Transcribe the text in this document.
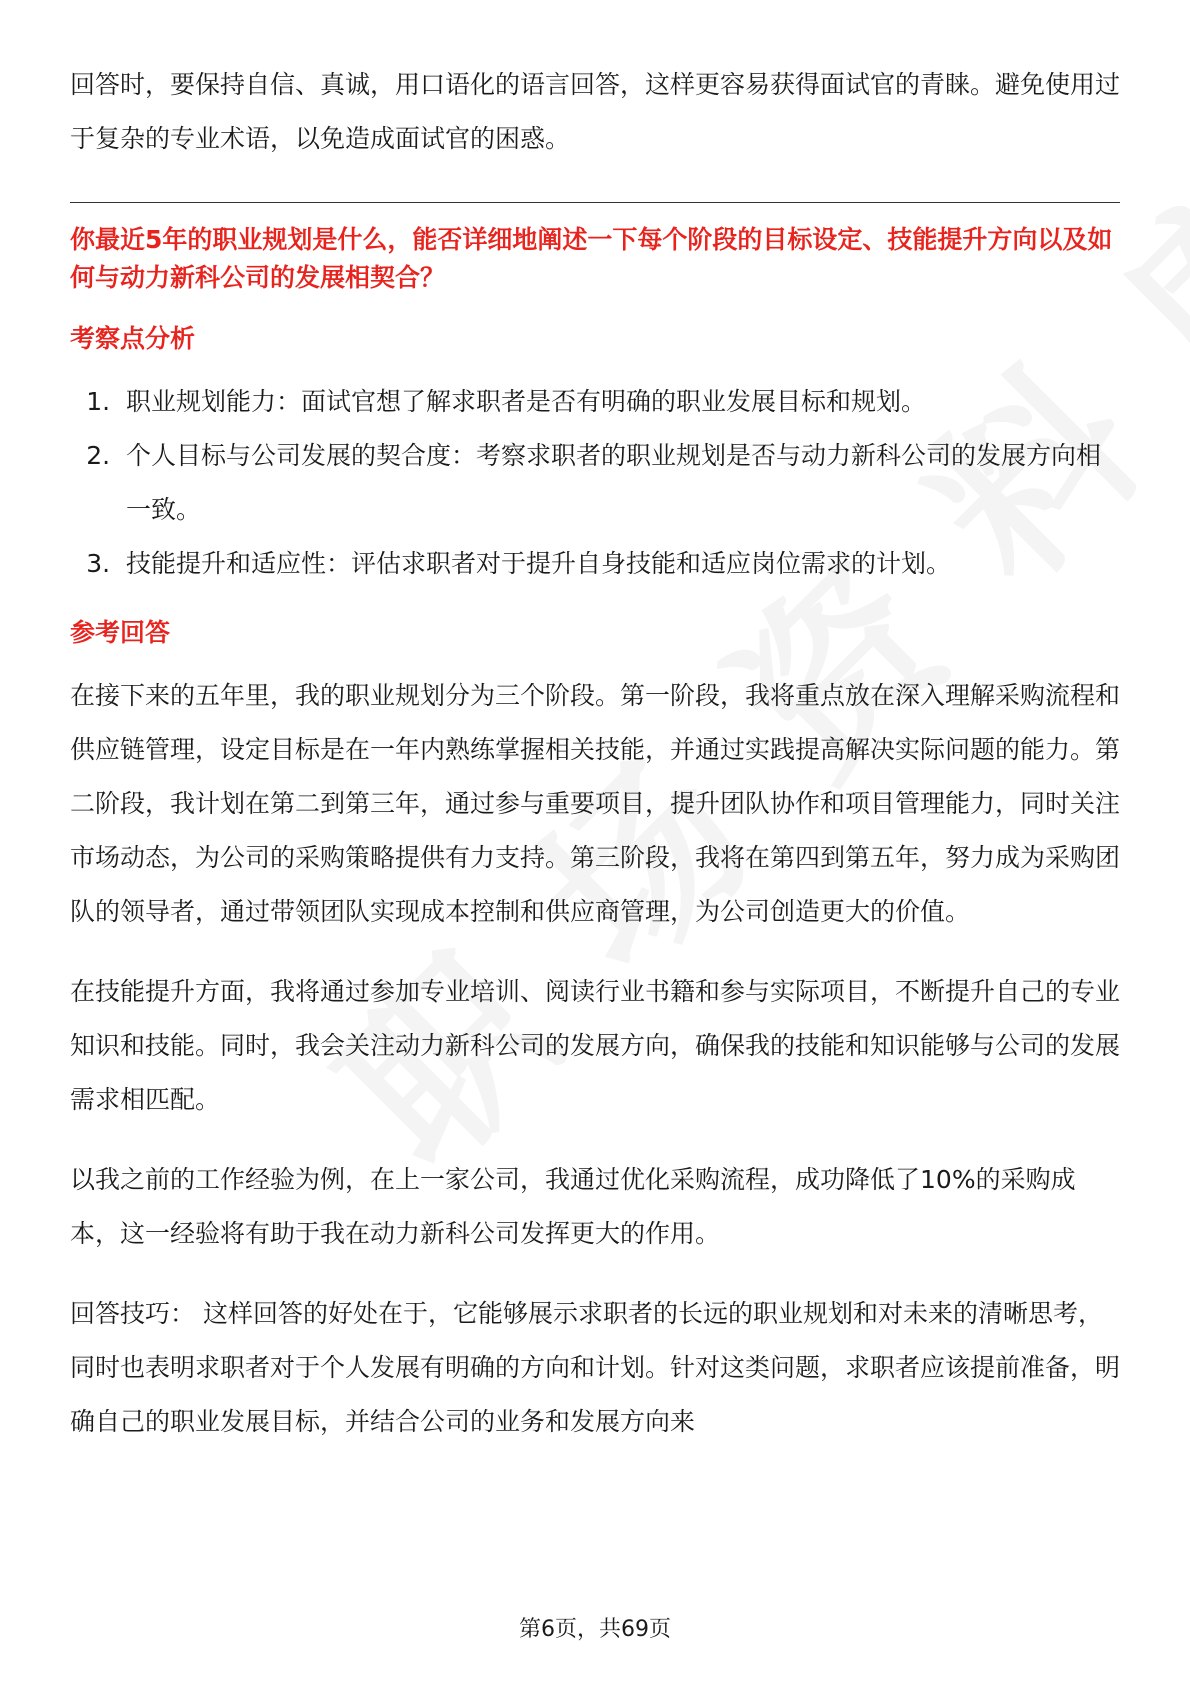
回答时，要保持自信、真诚，用口语化的语言回答，这样更容易获得面试官的青睐。避免使用过于复杂的专业术语，以免造成面试官的困惑。

你最近5年的职业规划是什么，能否详细地阐述一下每个阶段的目标设定、技能提升方向以及如何与动力新科公司的发展相契合？

考察点分析
1. 职业规划能力：面试官想了解求职者是否有明确的职业发展目标和规划。
2. 个人目标与公司发展的契合度：考察求职者的职业规划是否与动力新科公司的发展方向相一致。
3. 技能提升和适应性：评估求职者对于提升自身技能和适应岗位需求的计划。
参考回答

在接下来的五年里，我的职业规划分为三个阶段。第一阶段，我将重点放在深入理解采购流程和供应链管理，设定目标是在一年内熟练掌握相关技能，并通过实践提高解决实际问题的能力。第二阶段，我计划在第二到第三年，通过参与重要项目，提升团队协作和项目管理能力，同时关注市场动态，为公司的采购策略提供有力支持。第三阶段，我将在第四到第五年，努力成为采购团队的领导者，通过带领团队实现成本控制和供应商管理，为公司创造更大的价值。

在技能提升方面，我将通过参加专业培训、阅读行业书籍和参与实际项目，不断提升自己的专业知识和技能。同时，我会关注动力新科公司的发展方向，确保我的技能和知识能够与公司的发展需求相匹配。

以我之前的工作经验为例，在上一家公司，我通过优化采购流程，成功降低了10%的采购成本，这一经验将有助于我在动力新科公司发挥更大的作用。

回答技巧： 这样回答的好处在于，它能够展示求职者的长远的职业规划和对未来的清晰思考，同时也表明求职者对于个人发展有明确的方向和计划。针对这类问题，求职者应该提前准备，明确自己的职业发展目标，并结合公司的业务和发展方向来

第6页，共69页
